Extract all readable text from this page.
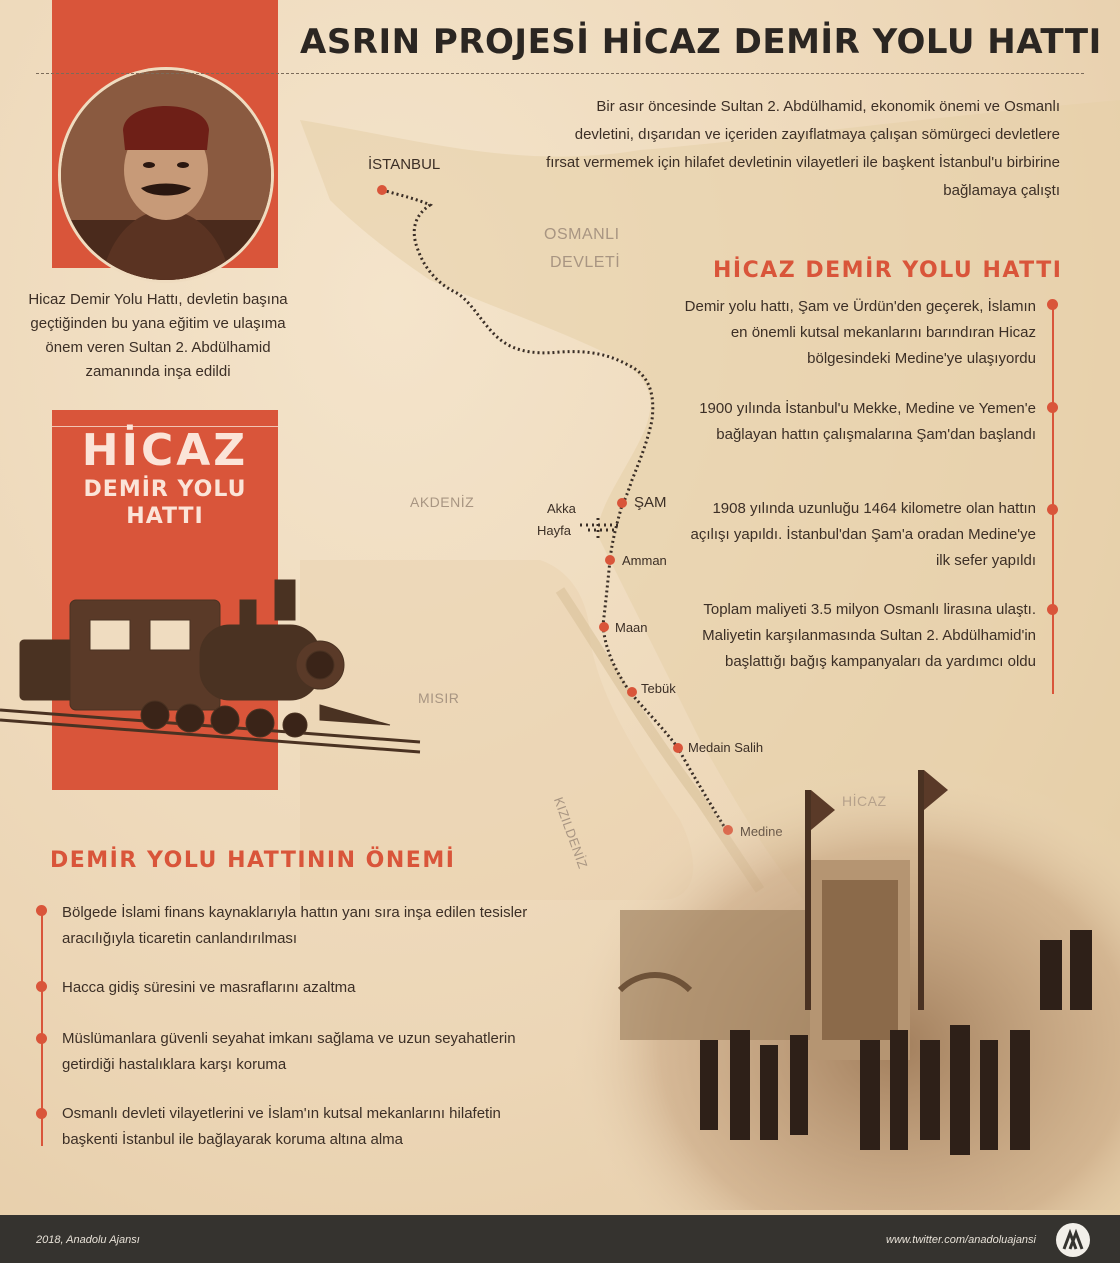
Hicaz Demir Yolu Hattı, devletin başına geçtiğinden bu yana eğitim ve ulaşıma önem veren Sultan 2. Abdülhamid zamanında inşa edildi
HİCAZ
DEMİR YOLU
HATTI
ASRIN PROJESİ HİCAZ DEMİR YOLU HATTI
Bir asır öncesinde Sultan 2. Abdülhamid, ekonomik önemi ve Osmanlı devletini, dışarıdan ve içeriden zayıflatmaya çalışan sömürgeci devletlere fırsat vermemek için hilafet devletinin vilayetleri ile başkent İstanbul'u birbirine bağlamaya çalıştı
OSMANLI
DEVLETİ
AKDENİZ
MISIR
İSTANBUL
ŞAM
Akka
Hayfa
Amman
Maan
Tebük
HİCAZ DEMİR YOLU HATTI
Demir yolu hattı, Şam ve Ürdün'den geçerek, İslamın en önemli kutsal mekanlarını barındıran Hicaz bölgesindeki Medine'ye ulaşıyordu
1900 yılında İstanbul'u Mekke, Medine ve Yemen'e bağlayan hattın çalışmalarına Şam'dan başlandı
1908 yılında uzunluğu 1464 kilometre olan hattın açılışı yapıldı. İstanbul'dan Şam'a oradan Medine'ye ilk sefer yapıldı
Toplam maliyeti 3.5 milyon Osmanlı lirasına ulaştı. Maliyetin karşılanmasında Sultan 2. Abdülhamid'in başlattığı bağış kampanyaları da yardımcı oldu
DEMİR YOLU HATTININ ÖNEMİ
Bölgede İslami finans kaynaklarıyla hattın yanı sıra inşa edilen tesisler aracılığıyla ticaretin canlandırılması
Hacca gidiş süresini ve masraflarını azaltma
Müslümanlara güvenli seyahat imkanı sağlama ve uzun seyahatlerin getirdiği hastalıklara karşı koruma
Osmanlı devleti vilayetlerini ve İslam'ın kutsal mekanlarını hilafetin başkenti İstanbul ile bağlayarak koruma altına alma
2018, Anadolu Ajansı	www.twitter.com/anadoluajansi
